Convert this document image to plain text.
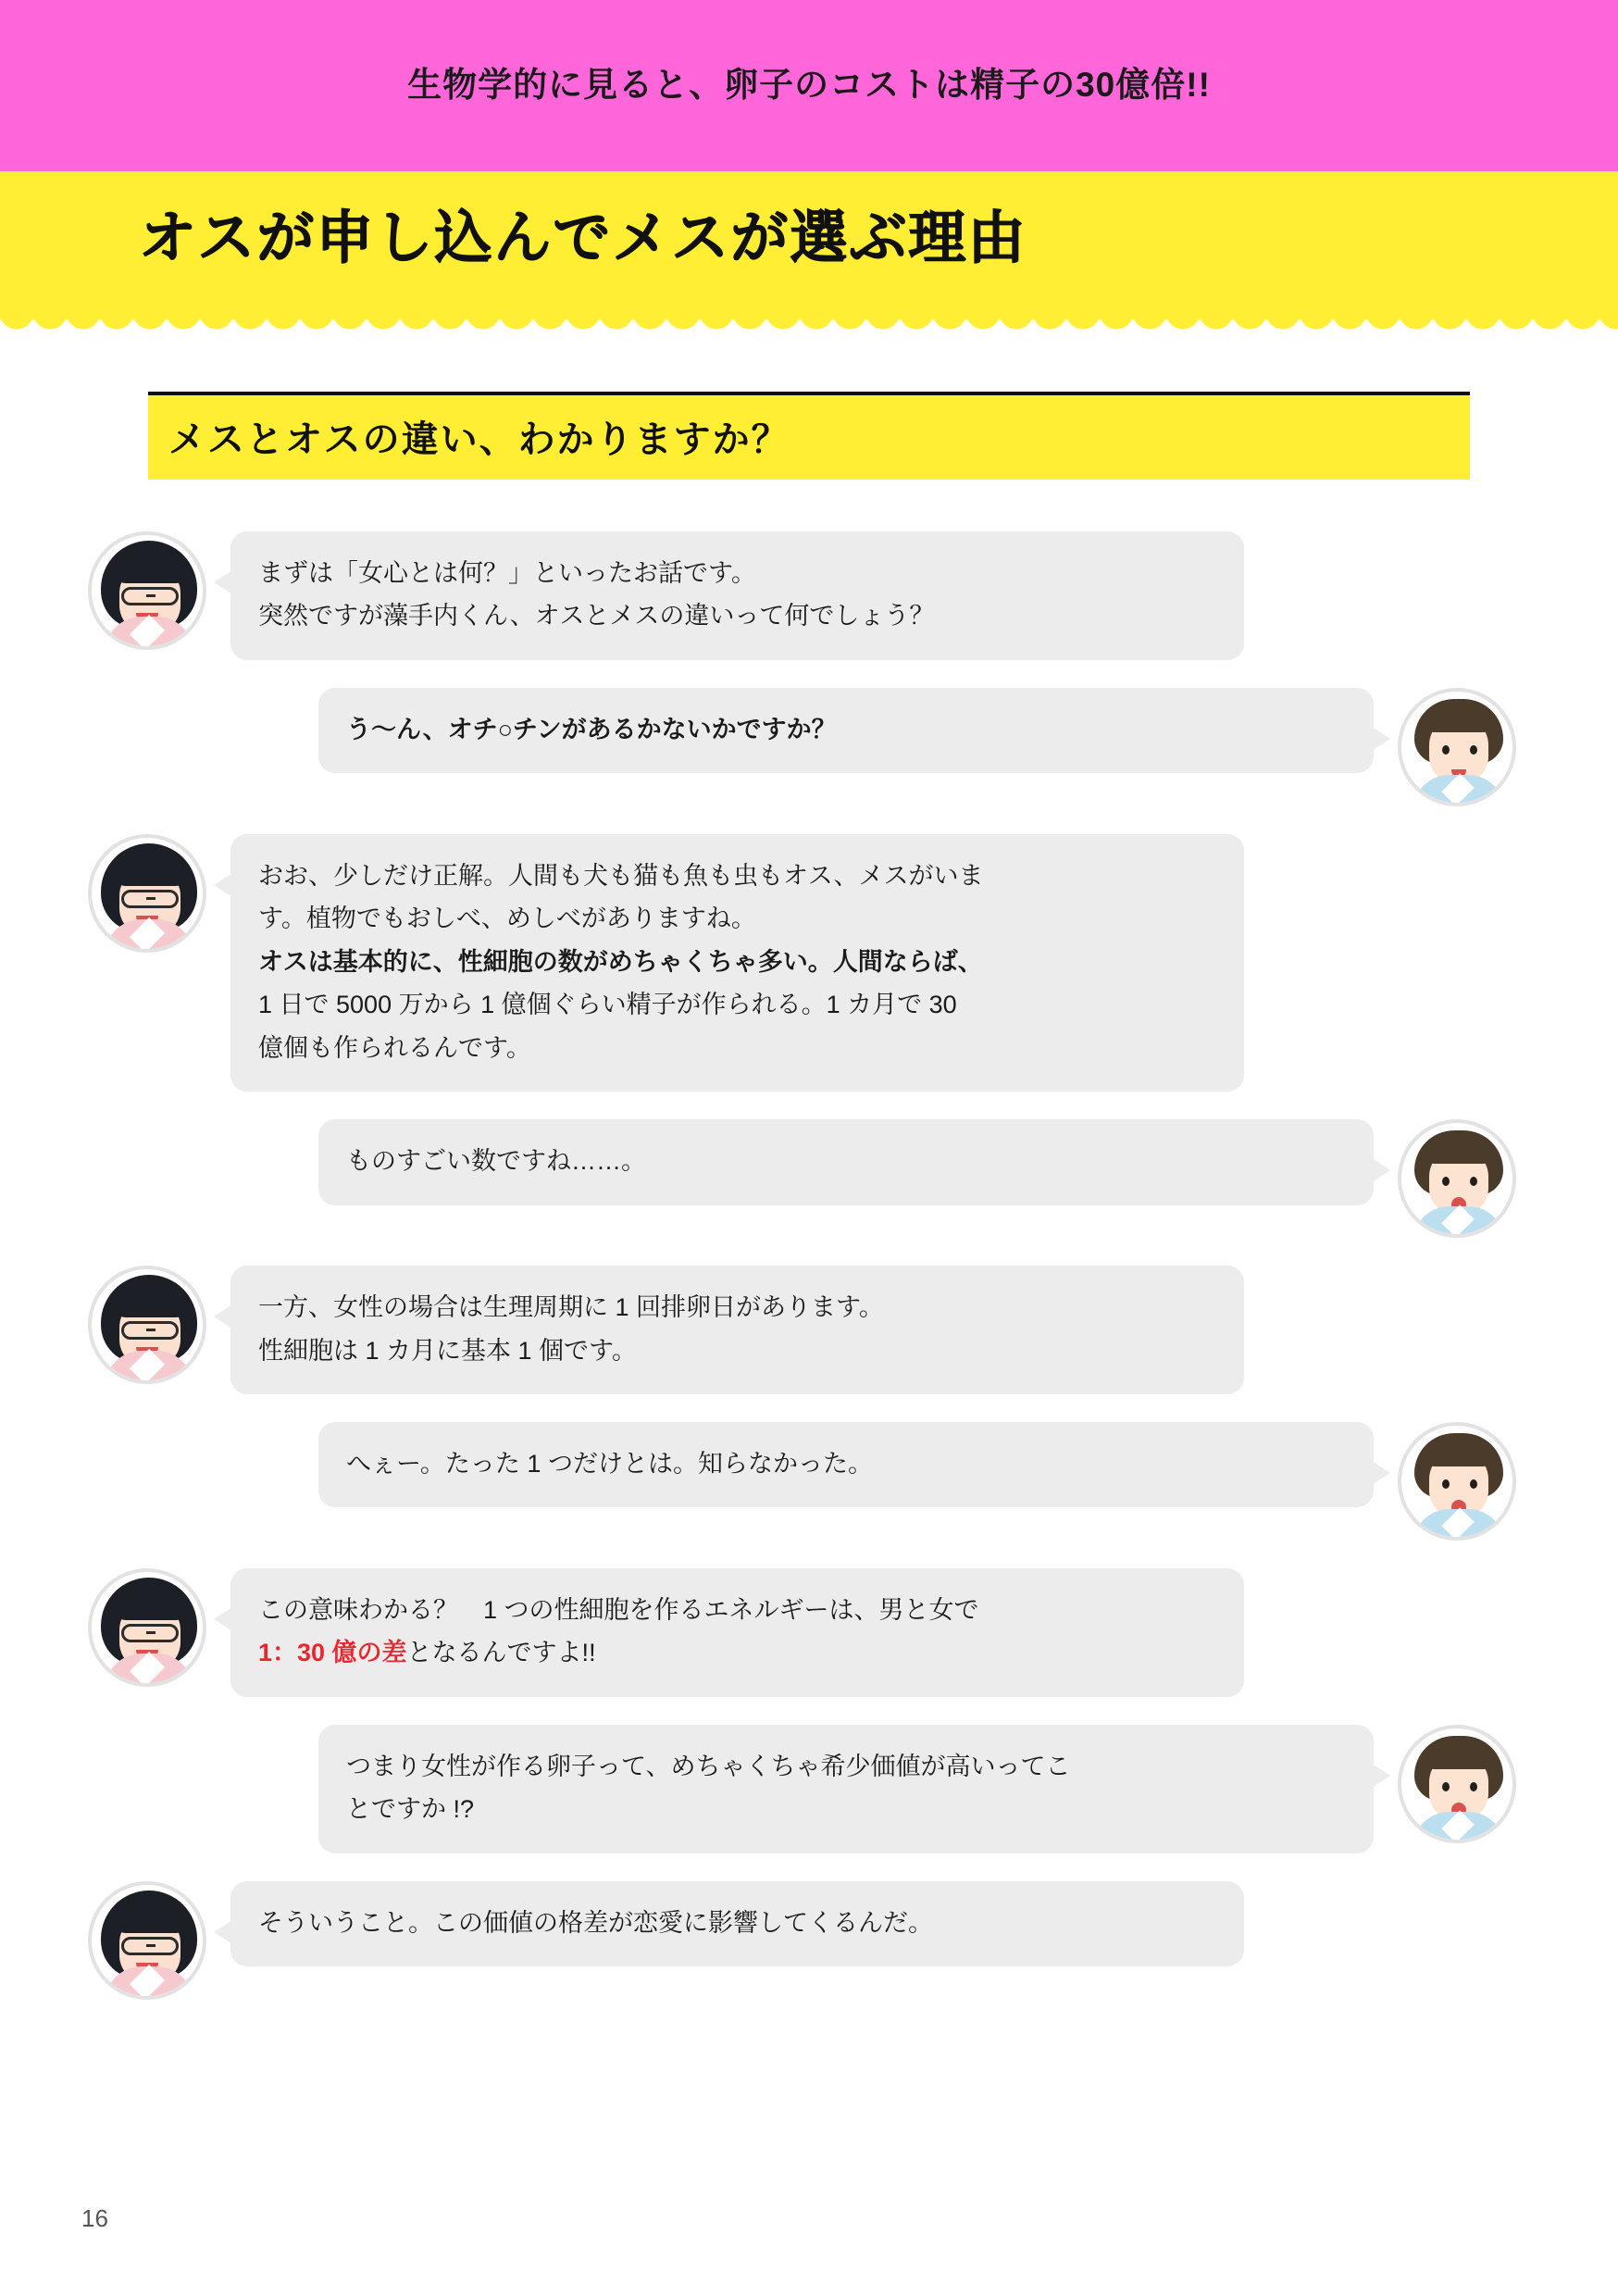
生物学的に見ると、卵子のコストは精子の30億倍!!
オスが申し込んでメスが選ぶ理由
メスとオスの違い、わかりますか？
まずは「女心とは何？」といったお話です。
突然ですが藻手内くん、オスとメスの違いって何でしょう？
う〜ん、オチ○チンがあるかないかですか？
おお、少しだけ正解。人間も犬も猫も魚も虫もオス、メスがいま
す。植物でもおしべ、めしべがありますね。
オスは基本的に、性細胞の数がめちゃくちゃ多い。人間ならば、
1 日で 5000 万から 1 億個ぐらい精子が作られる。1 カ月で 30
億個も作られるんです。
ものすごい数ですね……。
一方、女性の場合は生理周期に 1 回排卵日があります。
性細胞は 1 カ月に基本 1 個です。
へぇー。たった 1 つだけとは。知らなかった。
この意味わかる？　1 つの性細胞を作るエネルギーは、男と女で
1：30 億の差となるんですよ!!
つまり女性が作る卵子って、めちゃくちゃ希少価値が高いってこ
とですか !?
そういうこと。この価値の格差が恋愛に影響してくるんだ。
16
